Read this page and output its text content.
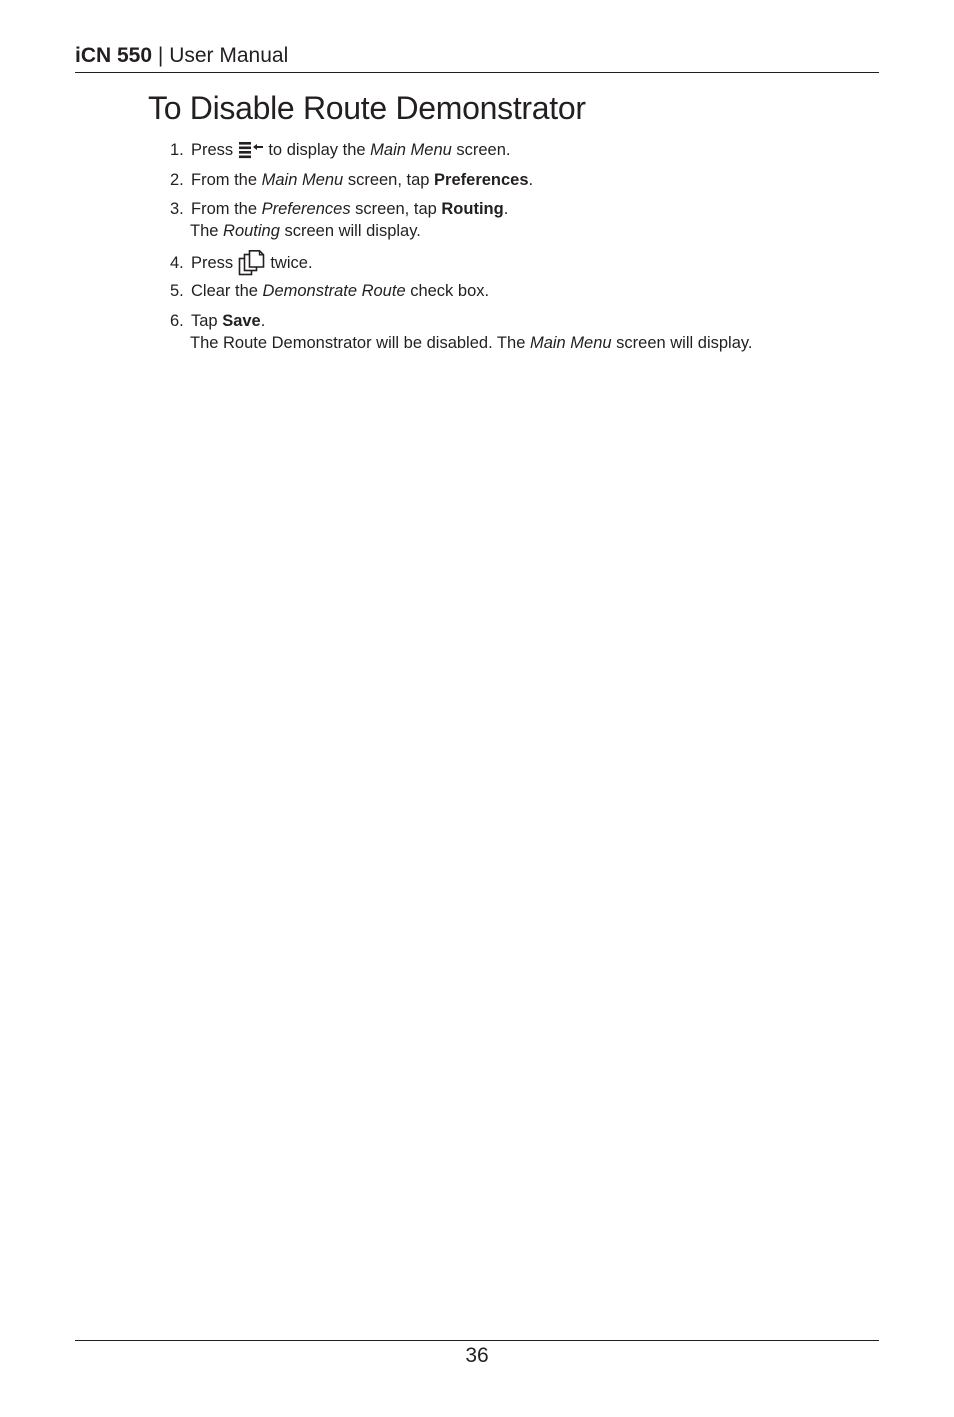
iCN 550 | User Manual
To Disable Route Demonstrator
1. Press
to display the Main Menu screen.
2. From the Main Menu screen, tap Preferences.
3. From the Preferences screen, tap Routing.
The Routing screen will display.
4. Press
twice.
5. Clear the Demonstrate Route check box.
6. Tap Save.
The Route Demonstrator will be disabled. The Main Menu screen will display.
36
